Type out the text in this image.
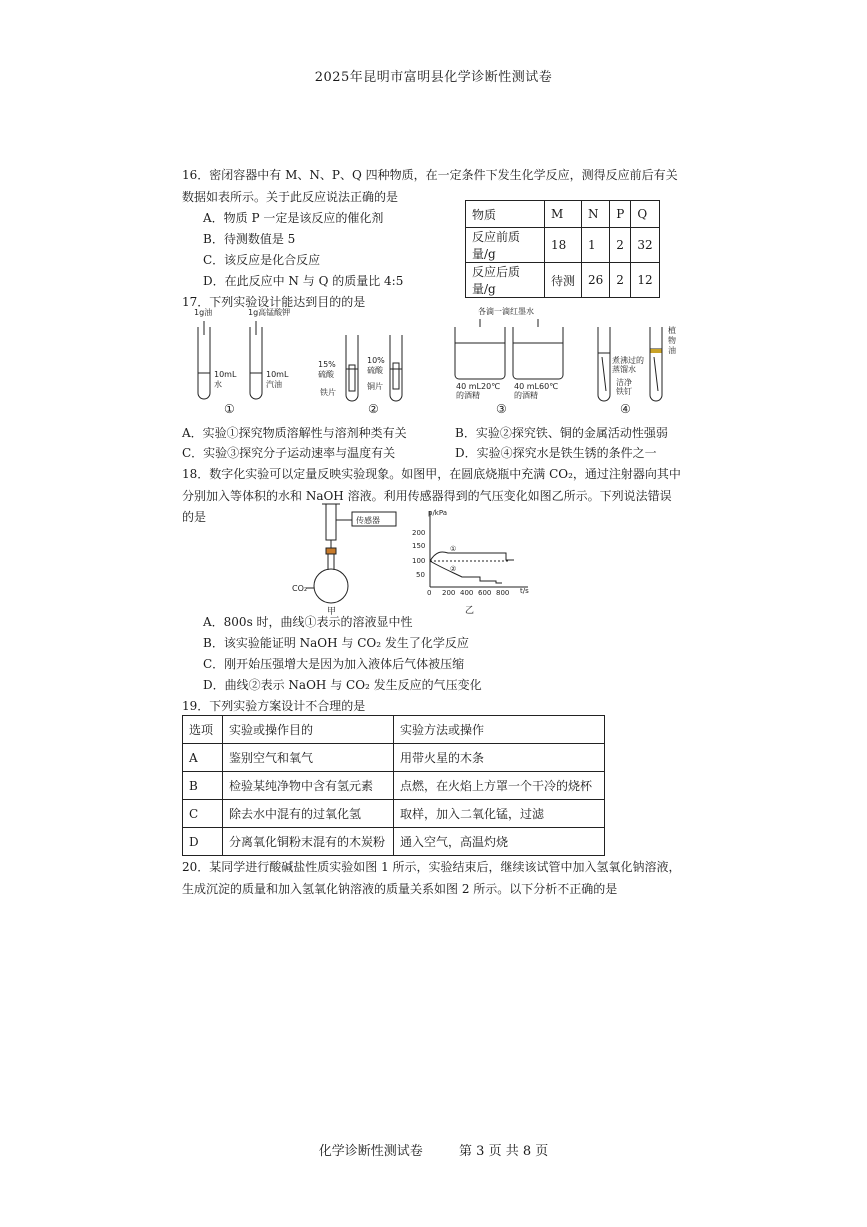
2025年昆明市富明县化学诊断性测试卷
16．密闭容器中有 M、N、P、Q 四种物质，在一定条件下发生化学反应，测得反应前后有关
数据如表所示。关于此反应说法正确的是
A．物质 P 一定是该反应的催化剂
B．待测数值是 5
C．该反应是化合反应
D．在此反应中 N 与 Q 的质量比 4:5
物质	M	N	P	Q
反应前质量/g	18	1	2	32
反应后质量/g	待测	26	2	12
17．下列实验设计能达到目的的是
1g油	1g高锰酸钾
10mL
水
10mL
汽油
15%
硫酸
铁片
10%
硫酸
铜片
各滴一滴红墨水
40 mL20℃
的酒精
40 mL60℃
的酒精
植
物
油
煮沸过的
蒸馏水
洁净
铁钉
①	②	③	④
A．实验①探究物质溶解性与溶剂种类有关	B．实验②探究铁、铜的金属活动性强弱
C．实验③探究分子运动速率与温度有关	D．实验④探究水是铁生锈的条件之一
18．数字化实验可以定量反映实验现象。如图甲，在圆底烧瓶中充满 CO₂，通过注射器向其中
分别加入等体积的水和 NaOH 溶液。利用传感器得到的气压变化如图乙所示。下列说法错误
的是	传感器
CO₂
甲
p/kPa
t/s
200
150
100
50
0 200 400 600 800
①
②
乙
A．800s 时，曲线①表示的溶液显中性
B．该实验能证明 NaOH 与 CO₂ 发生了化学反应
C．刚开始压强增大是因为加入液体后气体被压缩
D．曲线②表示 NaOH 与 CO₂ 发生反应的气压变化
19．下列实验方案设计不合理的是
选项	实验或操作目的	实验方法或操作
A	鉴别空气和氧气	用带火星的木条
B	检验某纯净物中含有氢元素	点燃，在火焰上方罩一个干冷的烧杯
C	除去水中混有的过氧化氢	取样，加入二氧化锰，过滤
D	分离氧化铜粉末混有的木炭粉	通入空气，高温灼烧
20．某同学进行酸碱盐性质实验如图 1 所示，实验结束后，继续该试管中加入氢氧化钠溶液，
生成沉淀的质量和加入氢氧化钠溶液的质量关系如图 2 所示。以下分析不正确的是
化学诊断性测试卷	第 3 页 共 8 页
